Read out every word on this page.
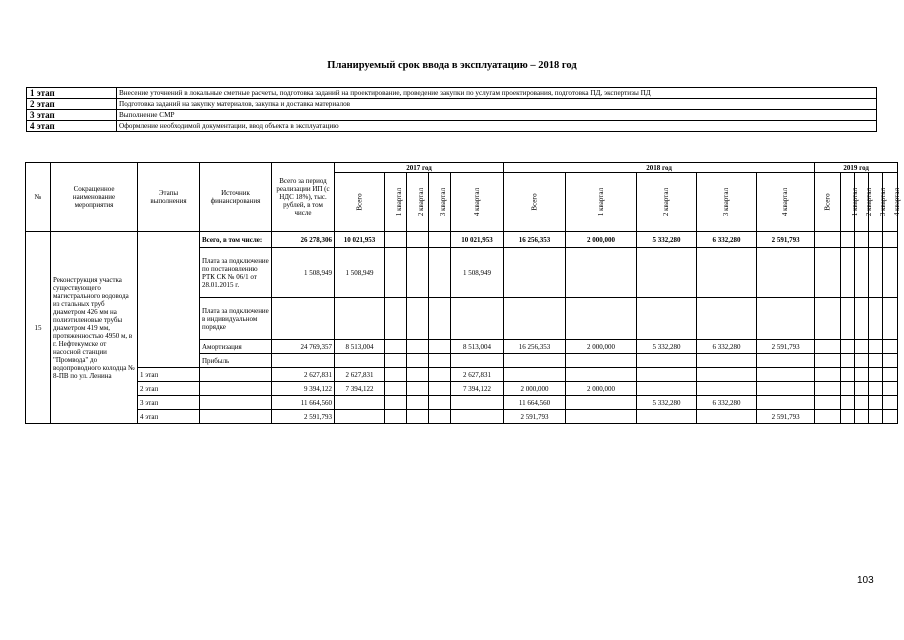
Планируемый срок ввода в эксплуатацию – 2018 год
1 этап	Внесение уточнений в локальные сметные расчеты, подготовка заданий на проектирование, проведение закупки по услугам проектирования, подготовка ПД, экспертизы ПД
2 этап	Подготовка заданий на закупку материалов, закупка и доставка материалов
3 этап	Выполнение СМР
4 этап	Оформление необходимой документации, ввод объекта в эксплуатацию
№	Сокращенное наименование мероприятия	Этапы выполнения	Источник финансирования	Всего за период реализации ИП (с НДС 18%), тыс. рублей, в том числе	2017 год					2018 год					2019 год				
					Всего	1 квартал	2 квартал	3 квартал	4 квартал	Всего	1 квартал	2 квартал	3 квартал	4 квартал	Всего	1 квартал	2 квартал	3 квартал	4 квартал
15	Реконструкция участка существующего магистрального водовода из стальных труб диаметром 426 мм на полиэтиленовые трубы диаметром 419 мм, протяженностью 4950 м, в г. Нефтекумске от насосной станции "Промвода" до водопроводного колодца № 8-ПВ по ул. Ленина		Всего, в том числе:	26 278,306	10 021,953				10 021,953	16 256,353	2 000,000	5 332,280	6 332,280	2 591,793					
			Плата за подключение по постановлению РТК СК № 06/1 от 28.01.2015 г.	1 508,949	1 508,949				1 508,949										
			Плата за подключение в индивидуальном порядке																
			Амортизация	24 769,357	8 513,004				8 513,004	16 256,353	2 000,000	5 332,280	6 332,280	2 591,793					
			Прибыль																
		1 этап		2 627,831	2 627,831				2 627,831										
		2 этап		9 394,122	7 394,122				7 394,122	2 000,000	2 000,000								
		3 этап		11 664,560						11 664,560		5 332,280	6 332,280						
		4 этап		2 591,793						2 591,793				2 591,793					
103
